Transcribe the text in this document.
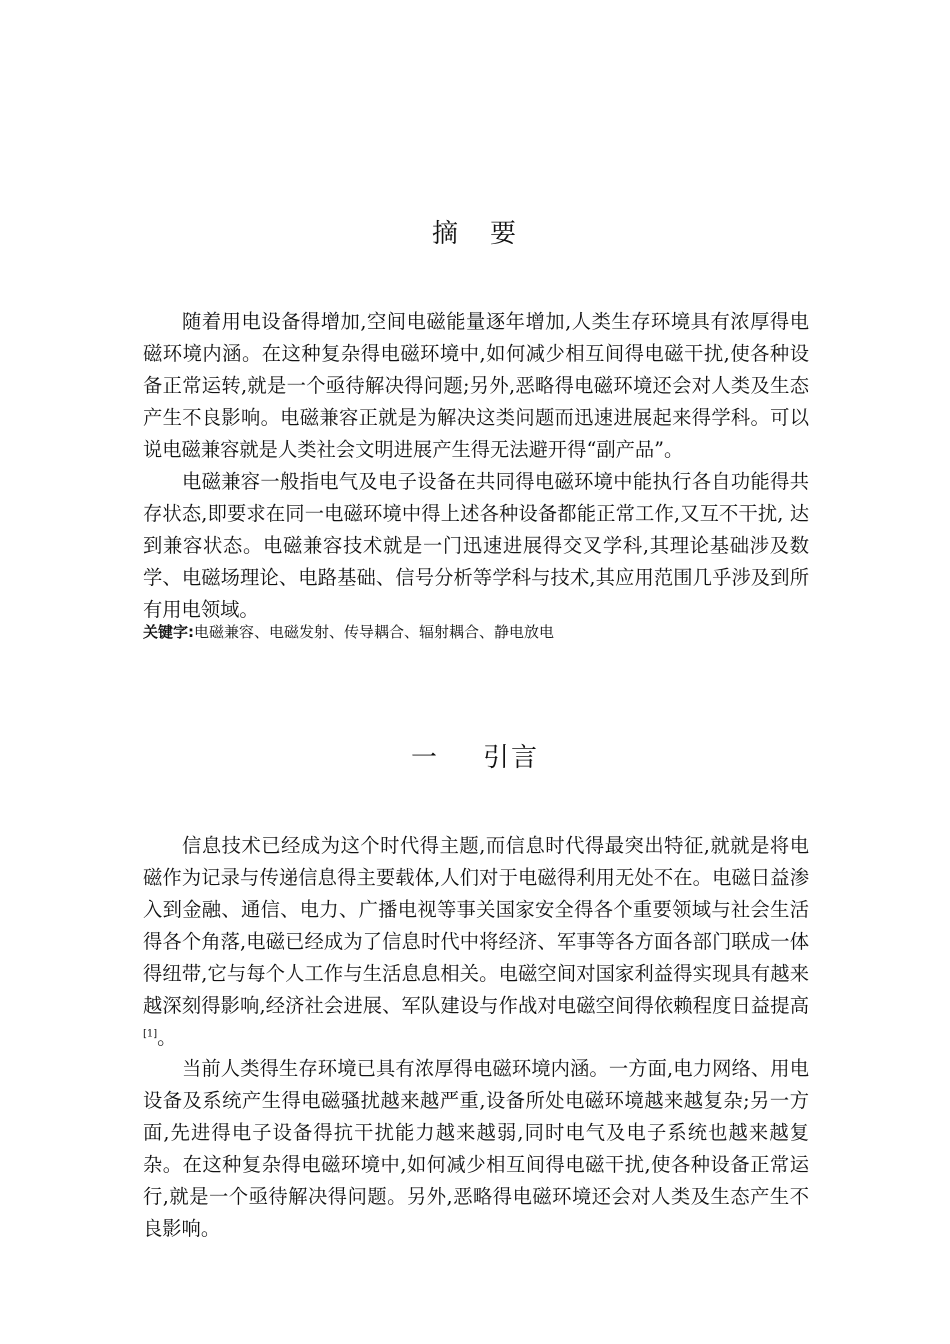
摘 要

随着用电设备得增加,空间电磁能量逐年增加,人类生存环境具有浓厚得电磁环境内涵。在这种复杂得电磁环境中,如何减少相互间得电磁干扰,使各种设备正常运转,就是一个亟待解决得问题;另外,恶略得电磁环境还会对人类及生态产生不良影响。电磁兼容正就是为解决这类问题而迅速进展起来得学科。可以说电磁兼容就是人类社会文明进展产生得无法避开得“副产品”。

电磁兼容一般指电气及电子设备在共同得电磁环境中能执行各自功能得共存状态,即要求在同一电磁环境中得上述各种设备都能正常工作,又互不干扰, 达到兼容状态。电磁兼容技术就是一门迅速进展得交叉学科,其理论基础涉及数学、电磁场理论、电路基础、信号分析等学科与技术,其应用范围几乎涉及到所有用电领域。

关键字:电磁兼容、电磁发射、传导耦合、辐射耦合、静电放电
一 引言

信息技术已经成为这个时代得主题,而信息时代得最突出特征,就就是将电磁作为记录与传递信息得主要载体,人们对于电磁得利用无处不在。电磁日益渗入到金融、通信、电力、广播电视等事关国家安全得各个重要领域与社会生活得各个角落,电磁已经成为了信息时代中将经济、军事等各方面各部门联成一体得纽带,它与每个人工作与生活息息相关。电磁空间对国家利益得实现具有越来越深刻得影响,经济社会进展、军队建设与作战对电磁空间得依赖程度日益提高[1]。

当前人类得生存环境已具有浓厚得电磁环境内涵。一方面,电力网络、用电设备及系统产生得电磁骚扰越来越严重,设备所处电磁环境越来越复杂;另一方面,先进得电子设备得抗干扰能力越来越弱,同时电气及电子系统也越来越复杂。在这种复杂得电磁环境中,如何减少相互间得电磁干扰,使各种设备正常运行,就是一个亟待解决得问题。另外,恶略得电磁环境还会对人类及生态产生不良影响。
